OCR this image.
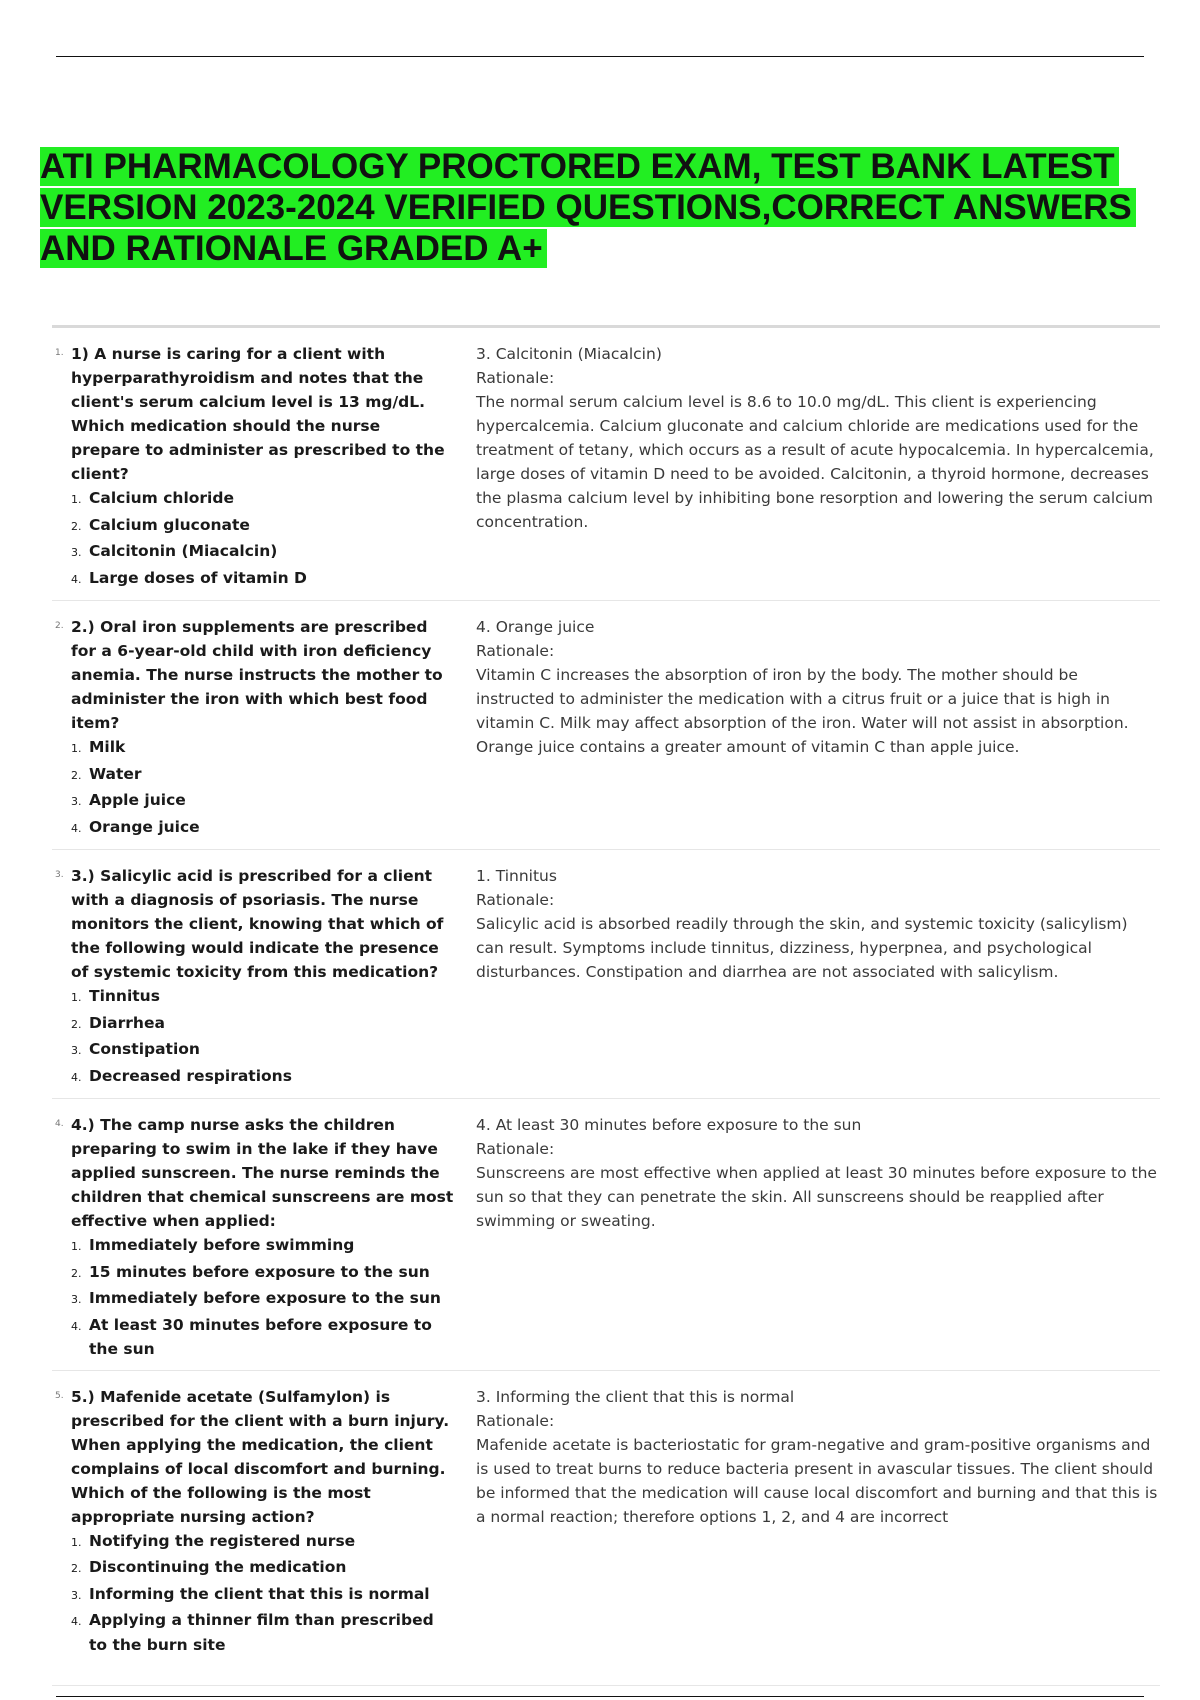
ATI PHARMACOLOGY PROCTORED EXAM, TEST BANK LATEST VERSION 2023-2024 VERIFIED QUESTIONS,CORRECT ANSWERS AND RATIONALE GRADED A+
1. 1) A nurse is caring for a client with hyperparathyroidism and notes that the client's serum calcium level is 13 mg/dL. Which medication should the nurse prepare to administer as prescribed to the client?
1. Calcium chloride
2. Calcium gluconate
3. Calcitonin (Miacalcin)
4. Large doses of vitamin D
3. Calcitonin (Miacalcin)
Rationale:
The normal serum calcium level is 8.6 to 10.0 mg/dL. This client is experiencing hypercalcemia. Calcium gluconate and calcium chloride are medications used for the treatment of tetany, which occurs as a result of acute hypocalcemia. In hypercalcemia, large doses of vitamin D need to be avoided. Calcitonin, a thyroid hormone, decreases the plasma calcium level by inhibiting bone resorption and lowering the serum calcium concentration.
2. 2.) Oral iron supplements are prescribed for a 6-year-old child with iron deficiency anemia. The nurse instructs the mother to administer the iron with which best food item?
1. Milk
2. Water
3. Apple juice
4. Orange juice
4. Orange juice
Rationale:
Vitamin C increases the absorption of iron by the body. The mother should be instructed to administer the medication with a citrus fruit or a juice that is high in vitamin C. Milk may affect absorption of the iron. Water will not assist in absorption. Orange juice contains a greater amount of vitamin C than apple juice.
3. 3.) Salicylic acid is prescribed for a client with a diagnosis of psoriasis. The nurse monitors the client, knowing that which of the following would indicate the presence of systemic toxicity from this medication?
1. Tinnitus
2. Diarrhea
3. Constipation
4. Decreased respirations
1. Tinnitus
Rationale:
Salicylic acid is absorbed readily through the skin, and systemic toxicity (salicylism) can result. Symptoms include tinnitus, dizziness, hyperpnea, and psychological disturbances. Constipation and diarrhea are not associated with salicylism.
4. 4.) The camp nurse asks the children preparing to swim in the lake if they have applied sunscreen. The nurse reminds the children that chemical sunscreens are most effective when applied:
1. Immediately before swimming
2. 15 minutes before exposure to the sun
3. Immediately before exposure to the sun
4. At least 30 minutes before exposure to the sun
4. At least 30 minutes before exposure to the sun
Rationale:
Sunscreens are most effective when applied at least 30 minutes before exposure to the sun so that they can penetrate the skin. All sunscreens should be reapplied after swimming or sweating.
5. 5.) Mafenide acetate (Sulfamylon) is prescribed for the client with a burn injury. When applying the medication, the client complains of local discomfort and burning. Which of the following is the most appropriate nursing action?
1. Notifying the registered nurse
2. Discontinuing the medication
3. Informing the client that this is normal
4. Applying a thinner film than prescribed to the burn site
3. Informing the client that this is normal
Rationale:
Mafenide acetate is bacteriostatic for gram-negative and gram-positive organisms and is used to treat burns to reduce bacteria present in avascular tissues. The client should be informed that the medication will cause local discomfort and burning and that this is a normal reaction; therefore options 1, 2, and 4 are incorrect
